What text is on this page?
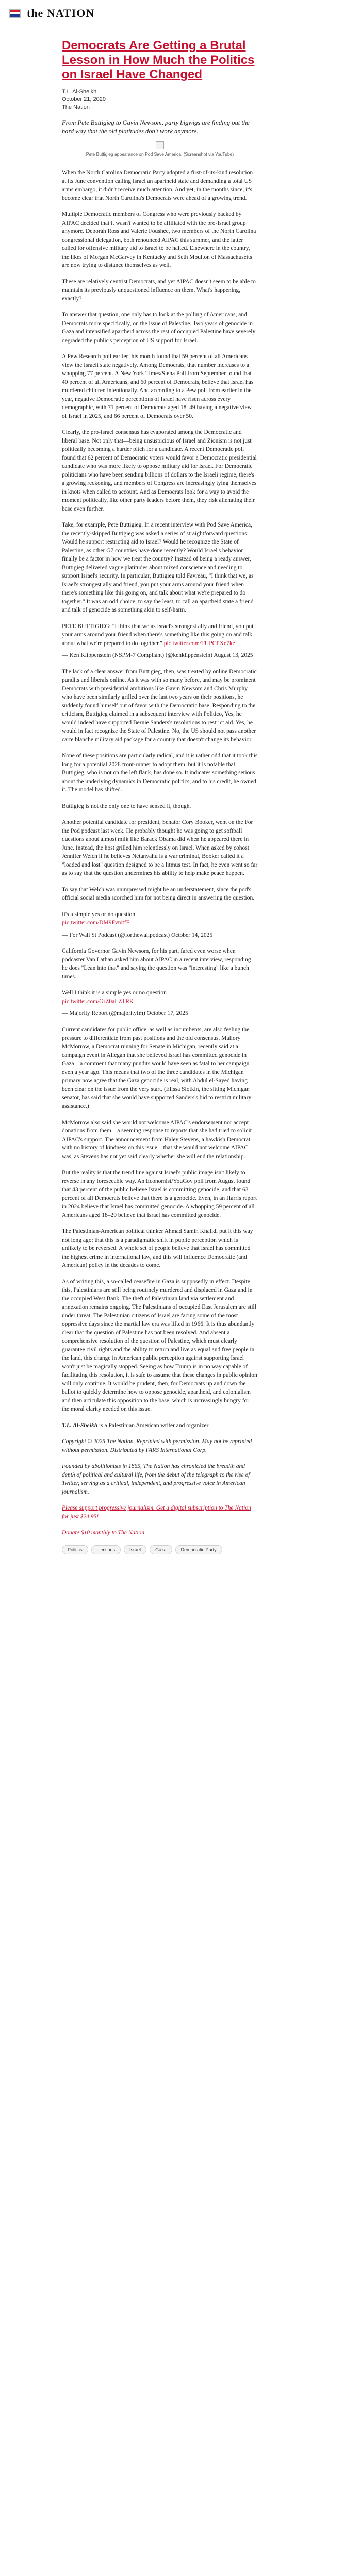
the NATION
Democrats Are Getting a Brutal Lesson in How Much the Politics on Israel Have Changed

T.L. Al-Sheikh

October 21, 2020

The Nation

From Pete Buttigieg to Gavin Newsom, party bigwigs are finding out the hard way that the old platitudes don't work anymore.

Pete Buttigieg appearance on Pod Save America. (Screenshot via YouTube)

When the North Carolina Democratic Party adopted a first-of-its-kind resolution at its June convention calling Israel an apartheid state and demanding a total US arms embargo, it didn't receive much attention. And yet, in the months since, it's become clear that North Carolina's Democrats were ahead of a growing trend.

Multiple Democratic members of Congress who were previously backed by AIPAC decided that it wasn't wanted to be affiliated with the pro-Israel group anymore. Deborah Ross and Valerie Foushee, two members of the North Carolina congressional delegation, both renounced AIPAC this summer, and the latter called for offensive military aid to Israel to be halted. Elsewhere in the country, the likes of Morgan McGarvey in Kentucky and Seth Moulton of Massachusetts are now trying to distance themselves as well.

These are relatively centrist Democrats, and yet AIPAC doesn't seem to be able to maintain its previously unquestioned influence on them. What's happening, exactly?

To answer that question, one only has to look at the polling of Americans, and Democrats more specifically, on the issue of Palestine. Two years of genocide in Gaza and intensified apartheid across the rest of occupied Palestine have severely degraded the public's perception of US support for Israel.

A Pew Research poll earlier this month found that 59 percent of all Americans view the Israeli state negatively. Among Democrats, that number increases to a whopping 77 percent. A New York Times/Siena Poll from September found that 40 percent of all Americans, and 60 percent of Democrats, believe that Israel has murdered children intentionally. And according to a Pew poll from earlier in the year, negative Democratic perceptions of Israel have risen across every demographic, with 71 percent of Democrats aged 18–49 having a negative view of Israel in 2025, and 66 percent of Democrats over 50.

Clearly, the pro-Israel consensus has evaporated among the Democratic and liberal base. Not only that—being unsuspicious of Israel and Zionism is not just politically becoming a harder pitch for a candidate. A recent Democratic poll found that 62 percent of Democratic voters would favor a Democratic presidential candidate who was more likely to oppose military aid for Israel. For Democratic politicians who have been sending billions of dollars to the Israeli regime, there's a growing reckoning, and members of Congress are increasingly tying themselves in knots when called to account. And as Democrats look for a way to avoid the moment politically, like other party leaders before them, they risk alienating their base even further.

Take, for example, Pete Buttigieg. In a recent interview with Pod Save America, the recently-skipped Buttigieg was asked a series of straightforward questions: Would he support restricting aid to Israel? Would he recognize the State of Palestine, as other G7 countries have done recently? Would Israel's behavior finally be a factor in how we treat the country? Instead of being a ready answer, Buttigieg delivered vague platitudes about mixed conscience and needing to support Israel's security. In particular, Buttigieg told Favreau, "I think that we, as Israel's strongest ally and friend, you put your arms around your friend when there's something like this going on, and talk about what we're prepared to do together." It was an odd choice, to say the least, to call an apartheid state a friend and talk of genocide as something akin to self-harm.

PETE BUTTIGIEG: "I think that we as Israel's strongest ally and friend, you put your arms around your friend when there's something like this going on and talk about what we're prepared to do together." pic.twitter.com/TUPCPXe7ke

— Ken Klippenstein (NSPM-7 Compliant) (@kenklippenstein) August 13, 2025

The lack of a clear answer from Buttigieg, then, was treated by online Democratic pundits and liberals online. As it was with so many before, and may be prominent Democrats with presidential ambitions like Gavin Newsom and Chris Murphy who have been similarly grilled over the last two years on their positions, he suddenly found himself out of favor with the Democratic base. Responding to the criticism, Buttigieg claimed in a subsequent interview with Politico, Yes, he would indeed have supported Bernie Sanders's resolutions to restrict aid. Yes, he would in fact recognize the State of Palestine. No, the US should not pass another carte blanche military aid package for a country that doesn't change its behavior.

None of these positions are particularly radical, and it is rather odd that it took this long for a potential 2028 front-runner to adopt them, but it is notable that Buttigieg, who is not on the left flank, has done so. It indicates something serious about the underlying dynamics in Democratic politics, and to his credit, he owned it. The model has shifted.

Buttigieg is not the only one to have sensed it, though.

Another potential candidate for president, Senator Cory Booker, went on the For the Pod podcast last week. He probably thought he was going to get softball questions about almost milk like Barack Obama did when he appeared there in June. Instead, the host grilled him relentlessly on Israel. When asked by cohost Jennifer Welch if he believes Netanyahu is a war criminal, Booker called it a "loaded and lost" question designed to be a litmus test. In fact, he even went so far as to say that the question undermines his ability to help make peace happen.

To say that Welch was unimpressed might be an understatement, since the pod's official social media scorched him for not being direct in answering the question.

It's a simple yes or no question
pic.twitter.com/DM9FvmtfF

— For Wall St Podcast (@forthewallpodcast) October 14, 2025

California Governor Gavin Newsom, for his part, fared even worse when podcaster Van Lathan asked him about AIPAC in a recent interview, responding he does "Lean into that" and saying the question was "interesting" like a bunch times.

Well I think it is a simple yes or no question
pic.twitter.com/GrZ0aLZTRK

— Majority Report (@majorityfm) October 17, 2025

Current candidates for public office, as well as incumbents, are also feeling the pressure to differentiate from past positions and the old consensus. Mallory McMorrow, a Democrat running for Senate in Michigan, recently said at a campaign event in Allegan that she believed Israel has committed genocide in Gaza—a comment that many pundits would have seen as fatal to her campaign even a year ago. This means that two of the three candidates in the Michigan primary now agree that the Gaza genocide is real, with Abdul el-Sayed having been clear on the issue from the very start. (Elissa Slotkin, the sitting Michigan senator, has said that she would have supported Sanders's bid to restrict military assistance.)

McMorrow also said she would not welcome AIPAC's endorsement nor accept donations from them—a seeming response to reports that she had tried to solicit AIPAC's support. The announcement from Haley Stevens, a hawkish Democrat with no history of kindness on this issue—that she would not welcome AIPAC—was, as Stevens has not yet said clearly whether she will end the relationship.

But the reality is that the trend line against Israel's public image isn't likely to reverse in any foreseeable way. An Economist/YouGov poll from August found that 43 percent of the public believe Israel is committing genocide, and that 63 percent of all Democrats believe that there is a genocide. Even, in an Harris report in 2024 believe that Israel has committed genocide. A whopping 59 percent of all Americans aged 18–29 believe that Israel has committed genocide.

The Palestinian-American political thinker Ahmad Samih Khalidi put it this way not long ago: that this is a paradigmatic shift in public perception which is unlikely to be reversed. A whole set of people believe that Israel has committed the highest crime in international law, and this will influence Democratic (and American) policy in the decades to come.

As of writing this, a so-called ceasefire in Gaza is supposedly in effect. Despite this, Palestinians are still being routinely murdered and displaced in Gaza and in the occupied West Bank. The theft of Palestinian land via settlement and annexation remains ongoing. The Palestinians of occupied East Jerusalem are still under threat. The Palestinian citizens of Israel are facing some of the most oppressive days since the martial law era was lifted in 1966. It is thus abundantly clear that the question of Palestine has not been resolved. And absent a comprehensive resolution of the question of Palestine, which must clearly guarantee civil rights and the ability to return and live as equal and free people in the land, this change in American public perception against supporting Israel won't just be magically stopped. Seeing as how Trump is in no way capable of facilitating this resolution, it is safe to assume that these changes in public opinion will only continue. It would be prudent, then, for Democrats up and down the ballot to quickly determine how to oppose genocide, apartheid, and colonialism and then articulate this opposition to the base, which is increasingly hungry for the moral clarity needed on this issue.

T.L. Al-Sheikh is a Palestinian American writer and organizer.

Copyright © 2025 The Nation. Reprinted with permission. May not be reprinted without permission. Distributed by PARS International Corp.

Founded by abolitionists in 1865, The Nation has chronicled the breadth and depth of political and cultural life, from the debut of the telegraph to the rise of Twitter, serving as a critical, independent, and progressive voice in American journalism.

Please support progressive journalism. Get a digital subscription to The Nation for just $24.95!

Donate $10 monthly to The Nation.

Politics	elections	Israel	Gaza	Democratic Party
